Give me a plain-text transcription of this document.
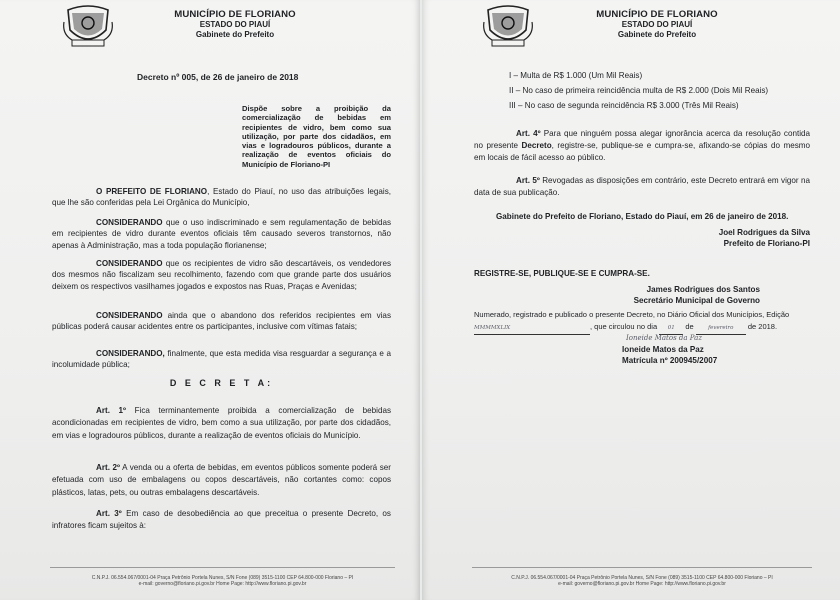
MUNICÍPIO DE FLORIANO
ESTADO DO PIAUÍ
Gabinete do Prefeito
Decreto nº 005, de 26 de janeiro de 2018
Dispõe sobre a proibição da comercialização de bebidas em recipientes de vidro, bem como sua utilização, por parte dos cidadãos, em vias e logradouros públicos, durante a realização de eventos oficiais do Município de Floriano-PI
O PREFEITO DE FLORIANO, Estado do Piauí, no uso das atribuições legais, que lhe são conferidas pela Lei Orgânica do Município,
CONSIDERANDO que o uso indiscriminado e sem regulamentação de bebidas em recipientes de vidro durante eventos oficiais têm causado severos transtornos, não apenas à Administração, mas a toda população florianense;
CONSIDERANDO que os recipientes de vidro são descartáveis, os vendedores dos mesmos não fiscalizam seu recolhimento, fazendo com que grande parte dos usuários deixem os respectivos vasilhames jogados e expostos nas Ruas, Praças e Avenidas;
CONSIDERANDO ainda que o abandono dos referidos recipientes em vias públicas poderá causar acidentes entre os participantes, inclusive com vítimas fatais;
CONSIDERANDO, finalmente, que esta medida visa resguardar a segurança e a incolumidade pública;
D E C R E T A:
Art. 1º Fica terminantemente proibida a comercialização de bebidas acondicionadas em recipientes de vidro, bem como a sua utilização, por parte dos cidadãos, em vias e logradouros públicos, durante a realização de eventos oficiais do Município.
Art. 2º A venda ou a oferta de bebidas, em eventos públicos somente poderá ser efetuada com uso de embalagens ou copos descartáveis, não cortantes como: copos plásticos, latas, pets, ou outras embalagens descartáveis.
Art. 3º Em caso de desobediência ao que preceitua o presente Decreto, os infratores ficam sujeitos à:
C.N.P.J. 06.554.067/0001-04 Praça Petrônio Portela Nunes, S/N Fone (089) 3515-1100 CEP 64.800-000 Floriano – PI
e-mail: governo@floriano.pi.gov.br Home Page: http://www.floriano.pi.gov.br
MUNICÍPIO DE FLORIANO
ESTADO DO PIAUÍ
Gabinete do Prefeito
I – Multa de R$ 1.000 (Um Mil Reais)
II – No caso de primeira reincidência multa de R$ 2.000 (Dois Mil Reais)
III – No caso de segunda reincidência R$ 3.000 (Três Mil Reais)
Art. 4º Para que ninguém possa alegar ignorância acerca da resolução contida no presente Decreto, registre-se, publique-se e cumpra-se, afixando-se cópias do mesmo em locais de fácil acesso ao público.
Art. 5º Revogadas as disposições em contrário, este Decreto entrará em vigor na data de sua publicação.
Gabinete do Prefeito de Floriano, Estado do Piauí, em 26 de janeiro de 2018.
Joel Rodrigues da Silva
Prefeito de Floriano-PI
REGISTRE-SE, PUBLIQUE-SE E CUMPRA-SE.
James Rodrigues dos Santos
Secretário Municipal de Governo
Numerado, registrado e publicado o presente Decreto, no Diário Oficial dos Municípios, Edição
MMMMXLIX	, que circulou no dia 01 de	fevereiro de 2018.
Ioneide Matos da Paz
Ioneide Matos da Paz
Matrícula nº 200945/2007
C.N.P.J. 06.554.067/0001-04 Praça Petrônio Portela Nunes, S/N Fone (089) 3515-1100 CEP 64.800-000 Floriano – PI
e-mail: governo@floriano.pi.gov.br Home Page: http://www.floriano.pi.gov.br
